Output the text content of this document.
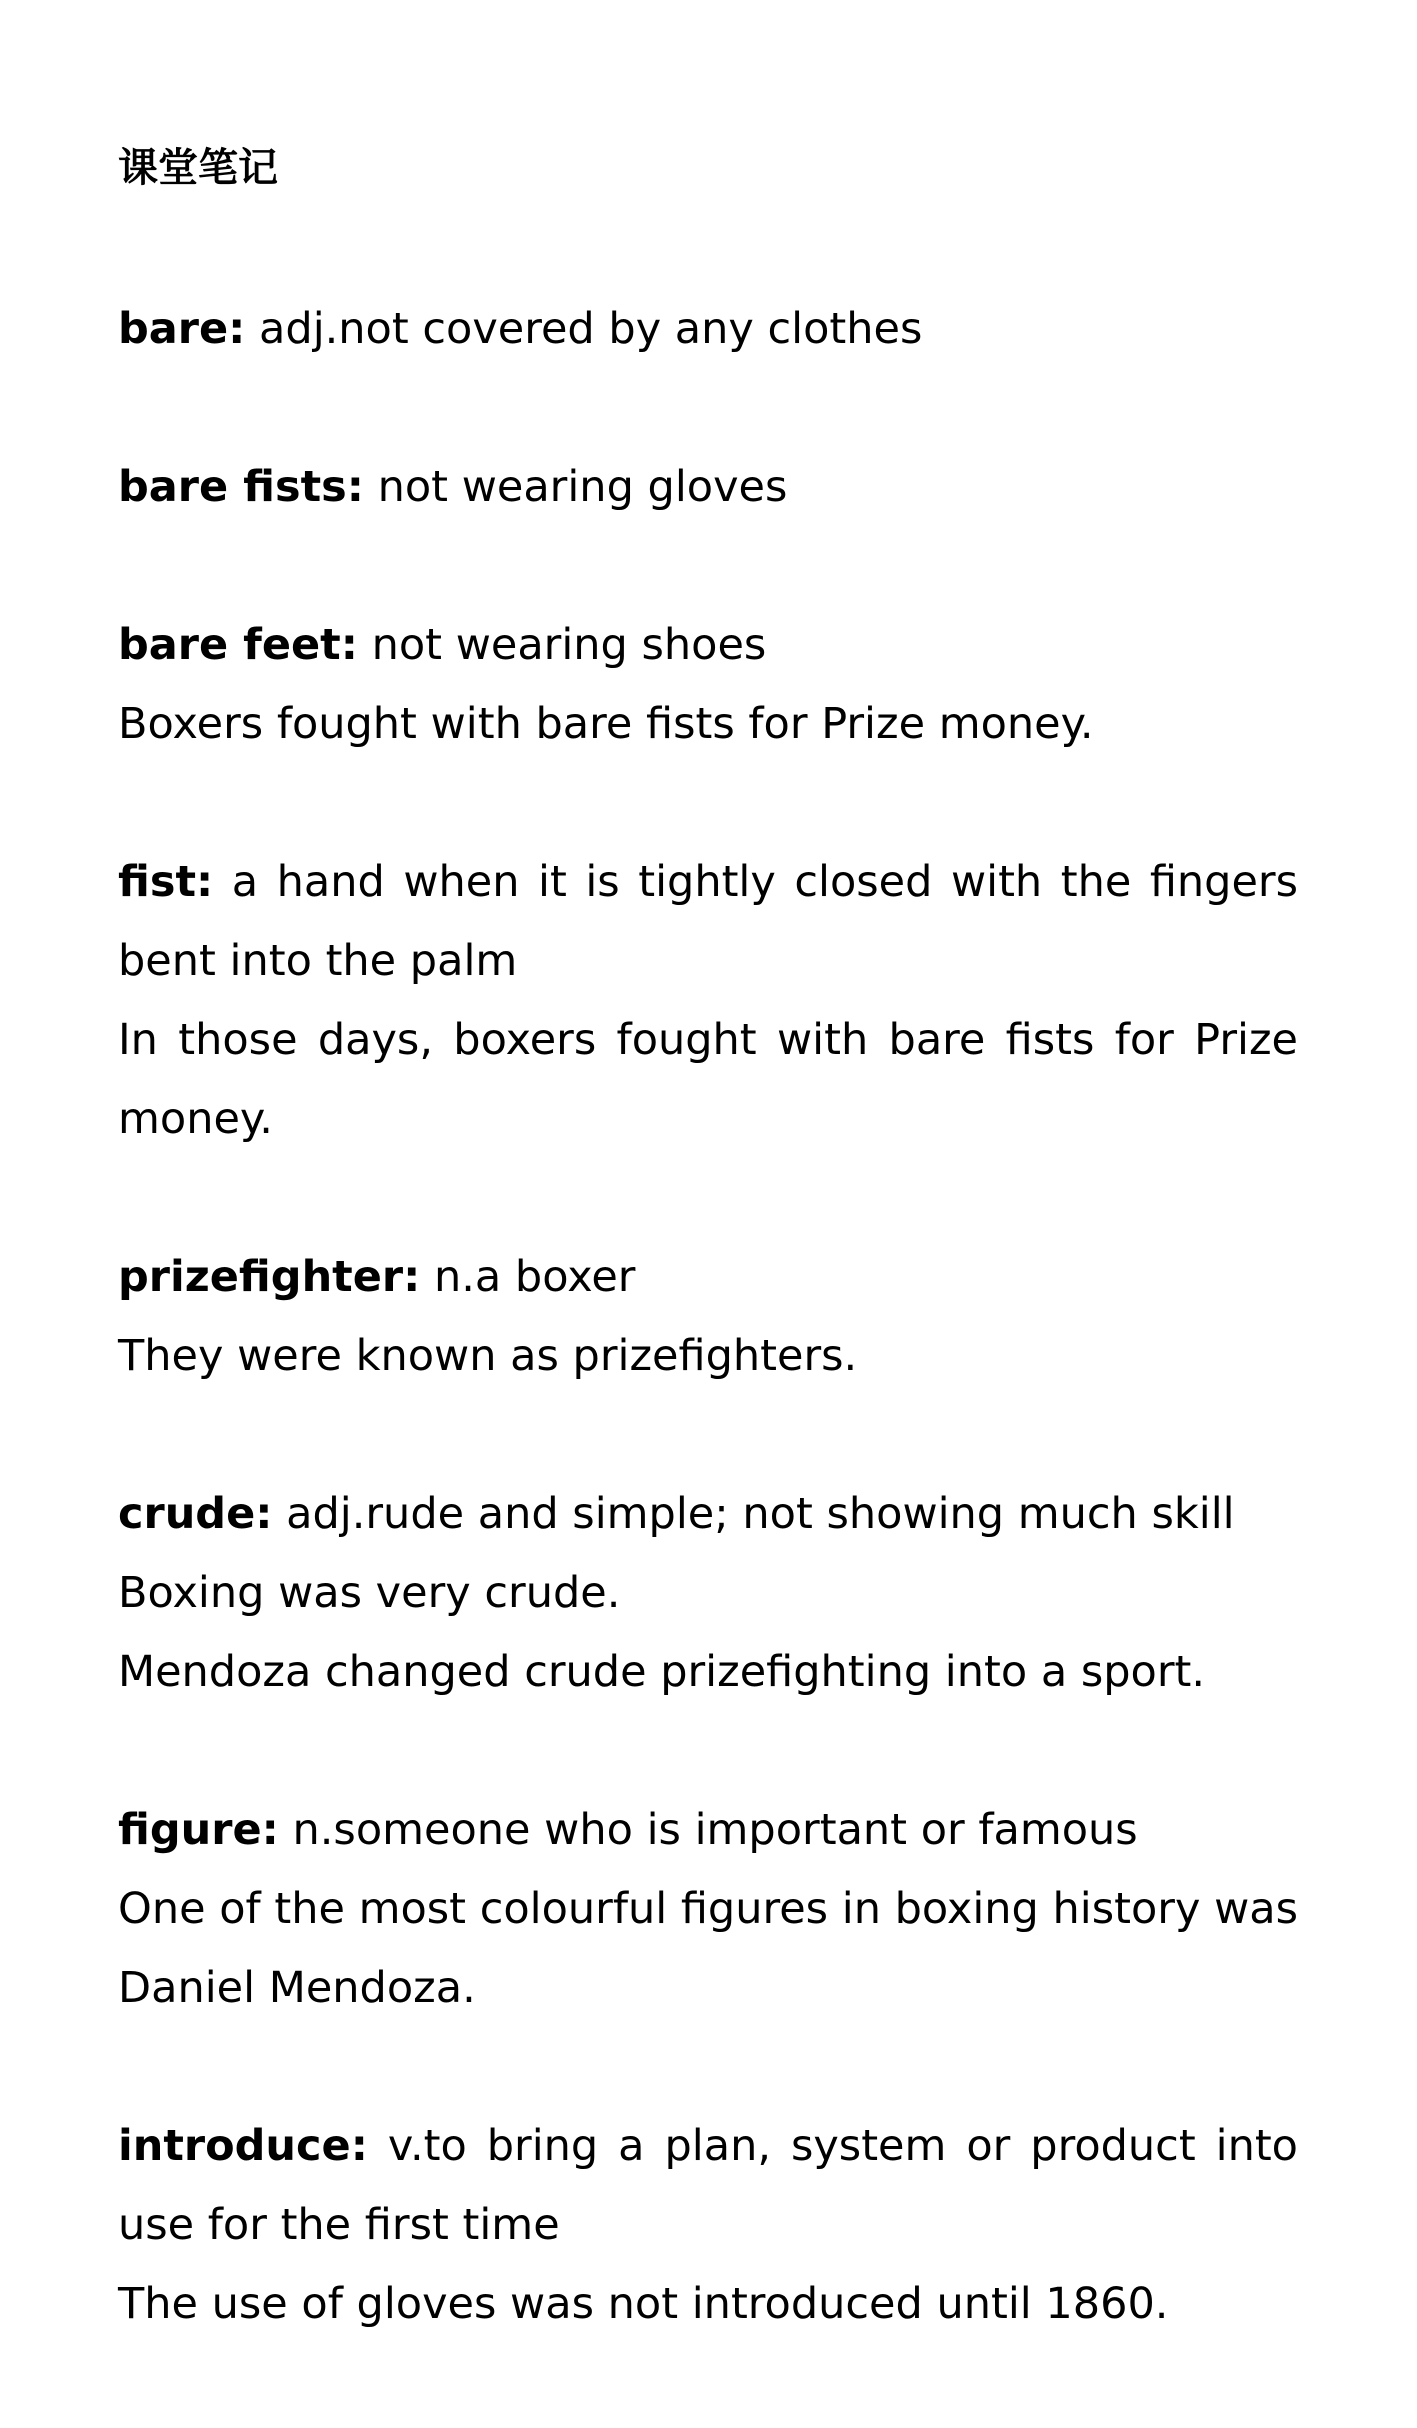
课堂笔记

bare: adj.not covered by any clothes

bare fists: not wearing gloves

bare feet: not wearing shoes

Boxers fought with bare fists for Prize money.

fist: a hand when it is tightly closed with the fingers bent into the palm

In those days, boxers fought with bare fists for Prize money.

prizefighter: n.a boxer

They were known as prizefighters.

crude: adj.rude and simple; not showing much skill

Boxing was very crude.

Mendoza changed crude prizefighting into a sport.

figure: n.someone who is important or famous

One of the most colourful figures in boxing history was Daniel Mendoza.

introduce: v.to bring a plan, system or product into use for the first time

The use of gloves was not introduced until 1860.
